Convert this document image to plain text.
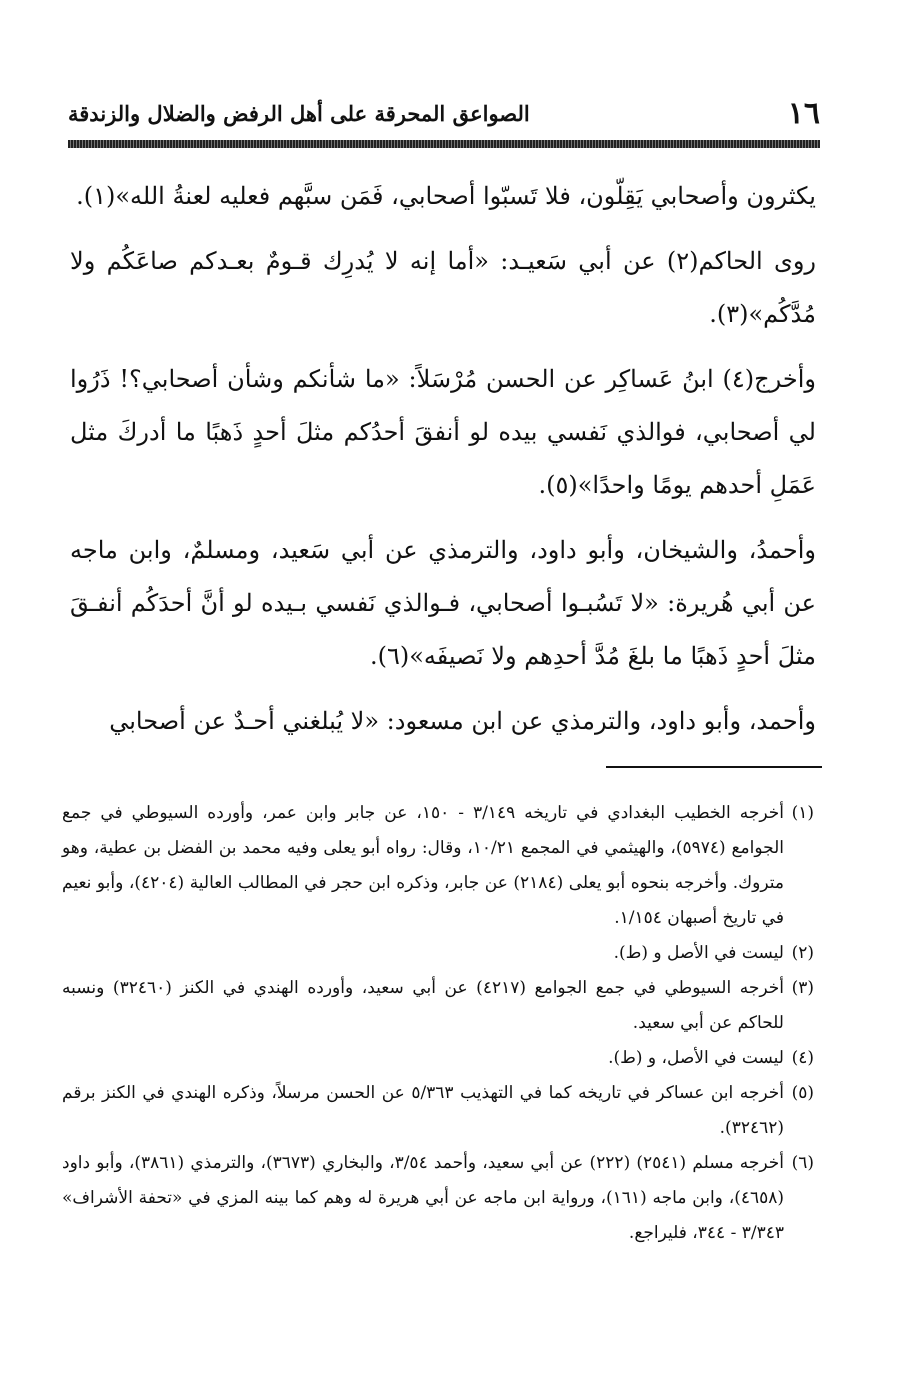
١٦
الصواعق المحرقة على أهل الرفض والضلال والزندقة

يكثرون وأصحابي يَقِلّون، فلا تَسبّوا أصحابي، فَمَن سبَّهم فعليه لعنةُ الله»(١).

روى الحاكم(٢) عن أبي سَعيـد: «أما إنه لا يُدرِك قـومٌ بعـدكم صاعَكُم ولا مُدَّكُم»(٣).

وأخرج(٤) ابنُ عَساكِر عن الحسن مُرْسَلاً: «ما شأنكم وشأن أصحابي؟! ذَرُوا لي أصحابي، فوالذي نَفسي بيده لو أنفقَ أحدُكم مثلَ أحدٍ ذَهبًا ما أدركَ مثل عَمَلِ أحدهم يومًا واحدًا»(٥).

وأحمدُ، والشيخان، وأبو داود، والترمذي عن أبي سَعيد، ومسلمٌ، وابن ماجه عن أبي هُريرة: «لا تَسُبـوا أصحابي، فـوالذي نَفسي بـيده لو أنَّ أحدَكُم أنفـقَ مثلَ أحدٍ ذَهبًا ما بلغَ مُدَّ أحدِهم ولا نَصيفَه»(٦).

وأحمد، وأبو داود، والترمذي عن ابن مسعود: «لا يُبلغني أحـدٌ عن أصحابي

(١)أخرجه الخطيب البغدادي في تاريخه ٣/١٤٩ - ١٥٠، عن جابر وابن عمر، وأورده السيوطي في جمع الجوامع (٥٩٧٤)، والهيثمي في المجمع ١٠/٢١، وقال: رواه أبو يعلى وفيه محمد بن الفضل بن عطية، وهو متروك. وأخرجه بنحوه أبو يعلى (٢١٨٤) عن جابر، وذكره ابن حجر في المطالب العالية (٤٢٠٤)، وأبو نعيم في تاريخ أصبهان ١/١٥٤.

(٢)ليست في الأصل و (ط).

(٣)أخرجه السيوطي في جمع الجوامع (٤٢١٧) عن أبي سعيد، وأورده الهندي في الكنز (٣٢٤٦٠) ونسبه للحاكم عن أبي سعيد.

(٤)ليست في الأصل، و (ط).

(٥)أخرجه ابن عساكر في تاريخه كما في التهذيب ٥/٣٦٣ عن الحسن مرسلاً، وذكره الهندي في الكنز برقم (٣٢٤٦٢).

(٦)أخرجه مسلم (٢٥٤١) (٢٢٢) عن أبي سعيد، وأحمد ٣/٥٤، والبخاري (٣٦٧٣)، والترمذي (٣٨٦١)، وأبو داود (٤٦٥٨)، وابن ماجه (١٦١)، ورواية ابن ماجه عن أبي هريرة له وهم كما بينه المزي في «تحفة الأشراف» ٣/٣٤٣ - ٣٤٤، فليراجع.
